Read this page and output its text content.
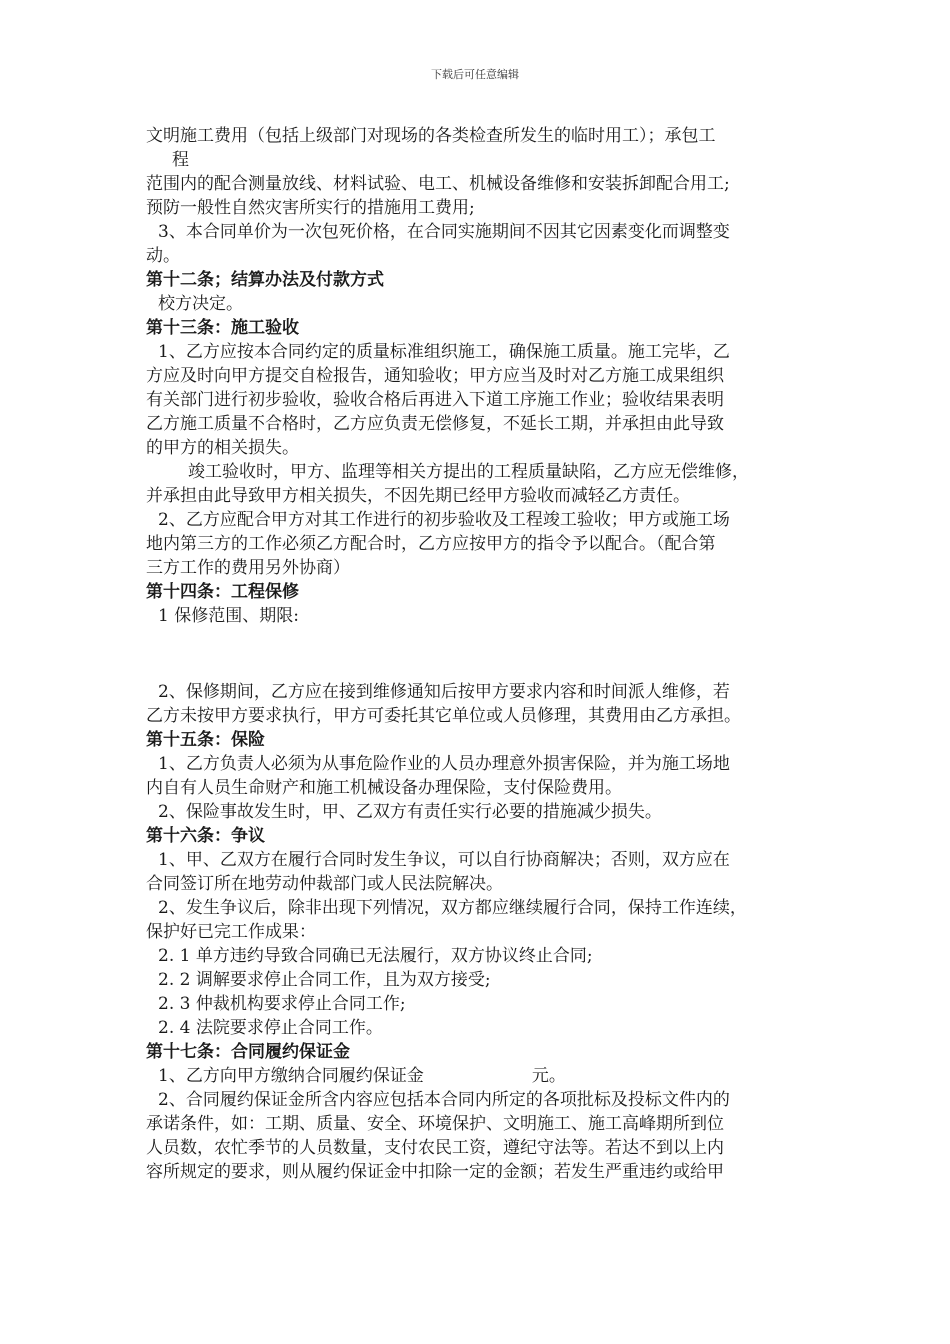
下载后可任意编辑

文明施工费用（包括上级部门对现场的各类检查所发生的临时用工）；承包工

程

范围内的配合测量放线、材料试验、电工、机械设备维修和安装拆卸配合用工;

预防一般性自然灾害所实行的措施用工费用;

3、本合同单价为一次包死价格，在合同实施期间不因其它因素变化而调整变

动。

第十二条；结算办法及付款方式

校方决定。

第十三条：施工验收

1、乙方应按本合同约定的质量标准组织施工，确保施工质量。施工完毕，乙

方应及时向甲方提交自检报告，通知验收；甲方应当及时对乙方施工成果组织

有关部门进行初步验收，验收合格后再进入下道工序施工作业；验收结果表明

乙方施工质量不合格时，乙方应负责无偿修复，不延长工期，并承担由此导致

的甲方的相关损失。

竣工验收时，甲方、监理等相关方提出的工程质量缺陷，乙方应无偿维修，

并承担由此导致甲方相关损失，不因先期已经甲方验收而减轻乙方责任。

2、乙方应配合甲方对其工作进行的初步验收及工程竣工验收；甲方或施工场

地内第三方的工作必须乙方配合时，乙方应按甲方的指令予以配合。（配合第

三方工作的费用另外协商）

第十四条：工程保修

1 保修范围、期限:

2、保修期间，乙方应在接到维修通知后按甲方要求内容和时间派人维修，若

乙方未按甲方要求执行，甲方可委托其它单位或人员修理，其费用由乙方承担。

第十五条：保险

1、乙方负责人必须为从事危险作业的人员办理意外损害保险，并为施工场地

内自有人员生命财产和施工机械设备办理保险，支付保险费用。

2、保险事故发生时，甲、乙双方有责任实行必要的措施减少损失。

第十六条：争议

1、甲、乙双方在履行合同时发生争议，可以自行协商解决；否则，双方应在

合同签订所在地劳动仲裁部门或人民法院解决。

2、发生争议后，除非出现下列情况，双方都应继续履行合同，保持工作连续，

保护好已完工作成果：

2. 1 单方违约导致合同确已无法履行，双方协议终止合同;

2. 2 调解要求停止合同工作，且为双方接受;

2. 3 仲裁机构要求停止合同工作;

2. 4 法院要求停止合同工作。

第十七条：合同履约保证金

1、乙方向甲方缴纳合同履约保证金                    元。

2、合同履约保证金所含内容应包括本合同内所定的各项批标及投标文件内的

承诺条件，如：工期、质量、安全、环境保护、文明施工、施工高峰期所到位

人员数，农忙季节的人员数量，支付农民工资，遵纪守法等。若达不到以上内

容所规定的要求，则从履约保证金中扣除一定的金额；若发生严重违约或给甲
